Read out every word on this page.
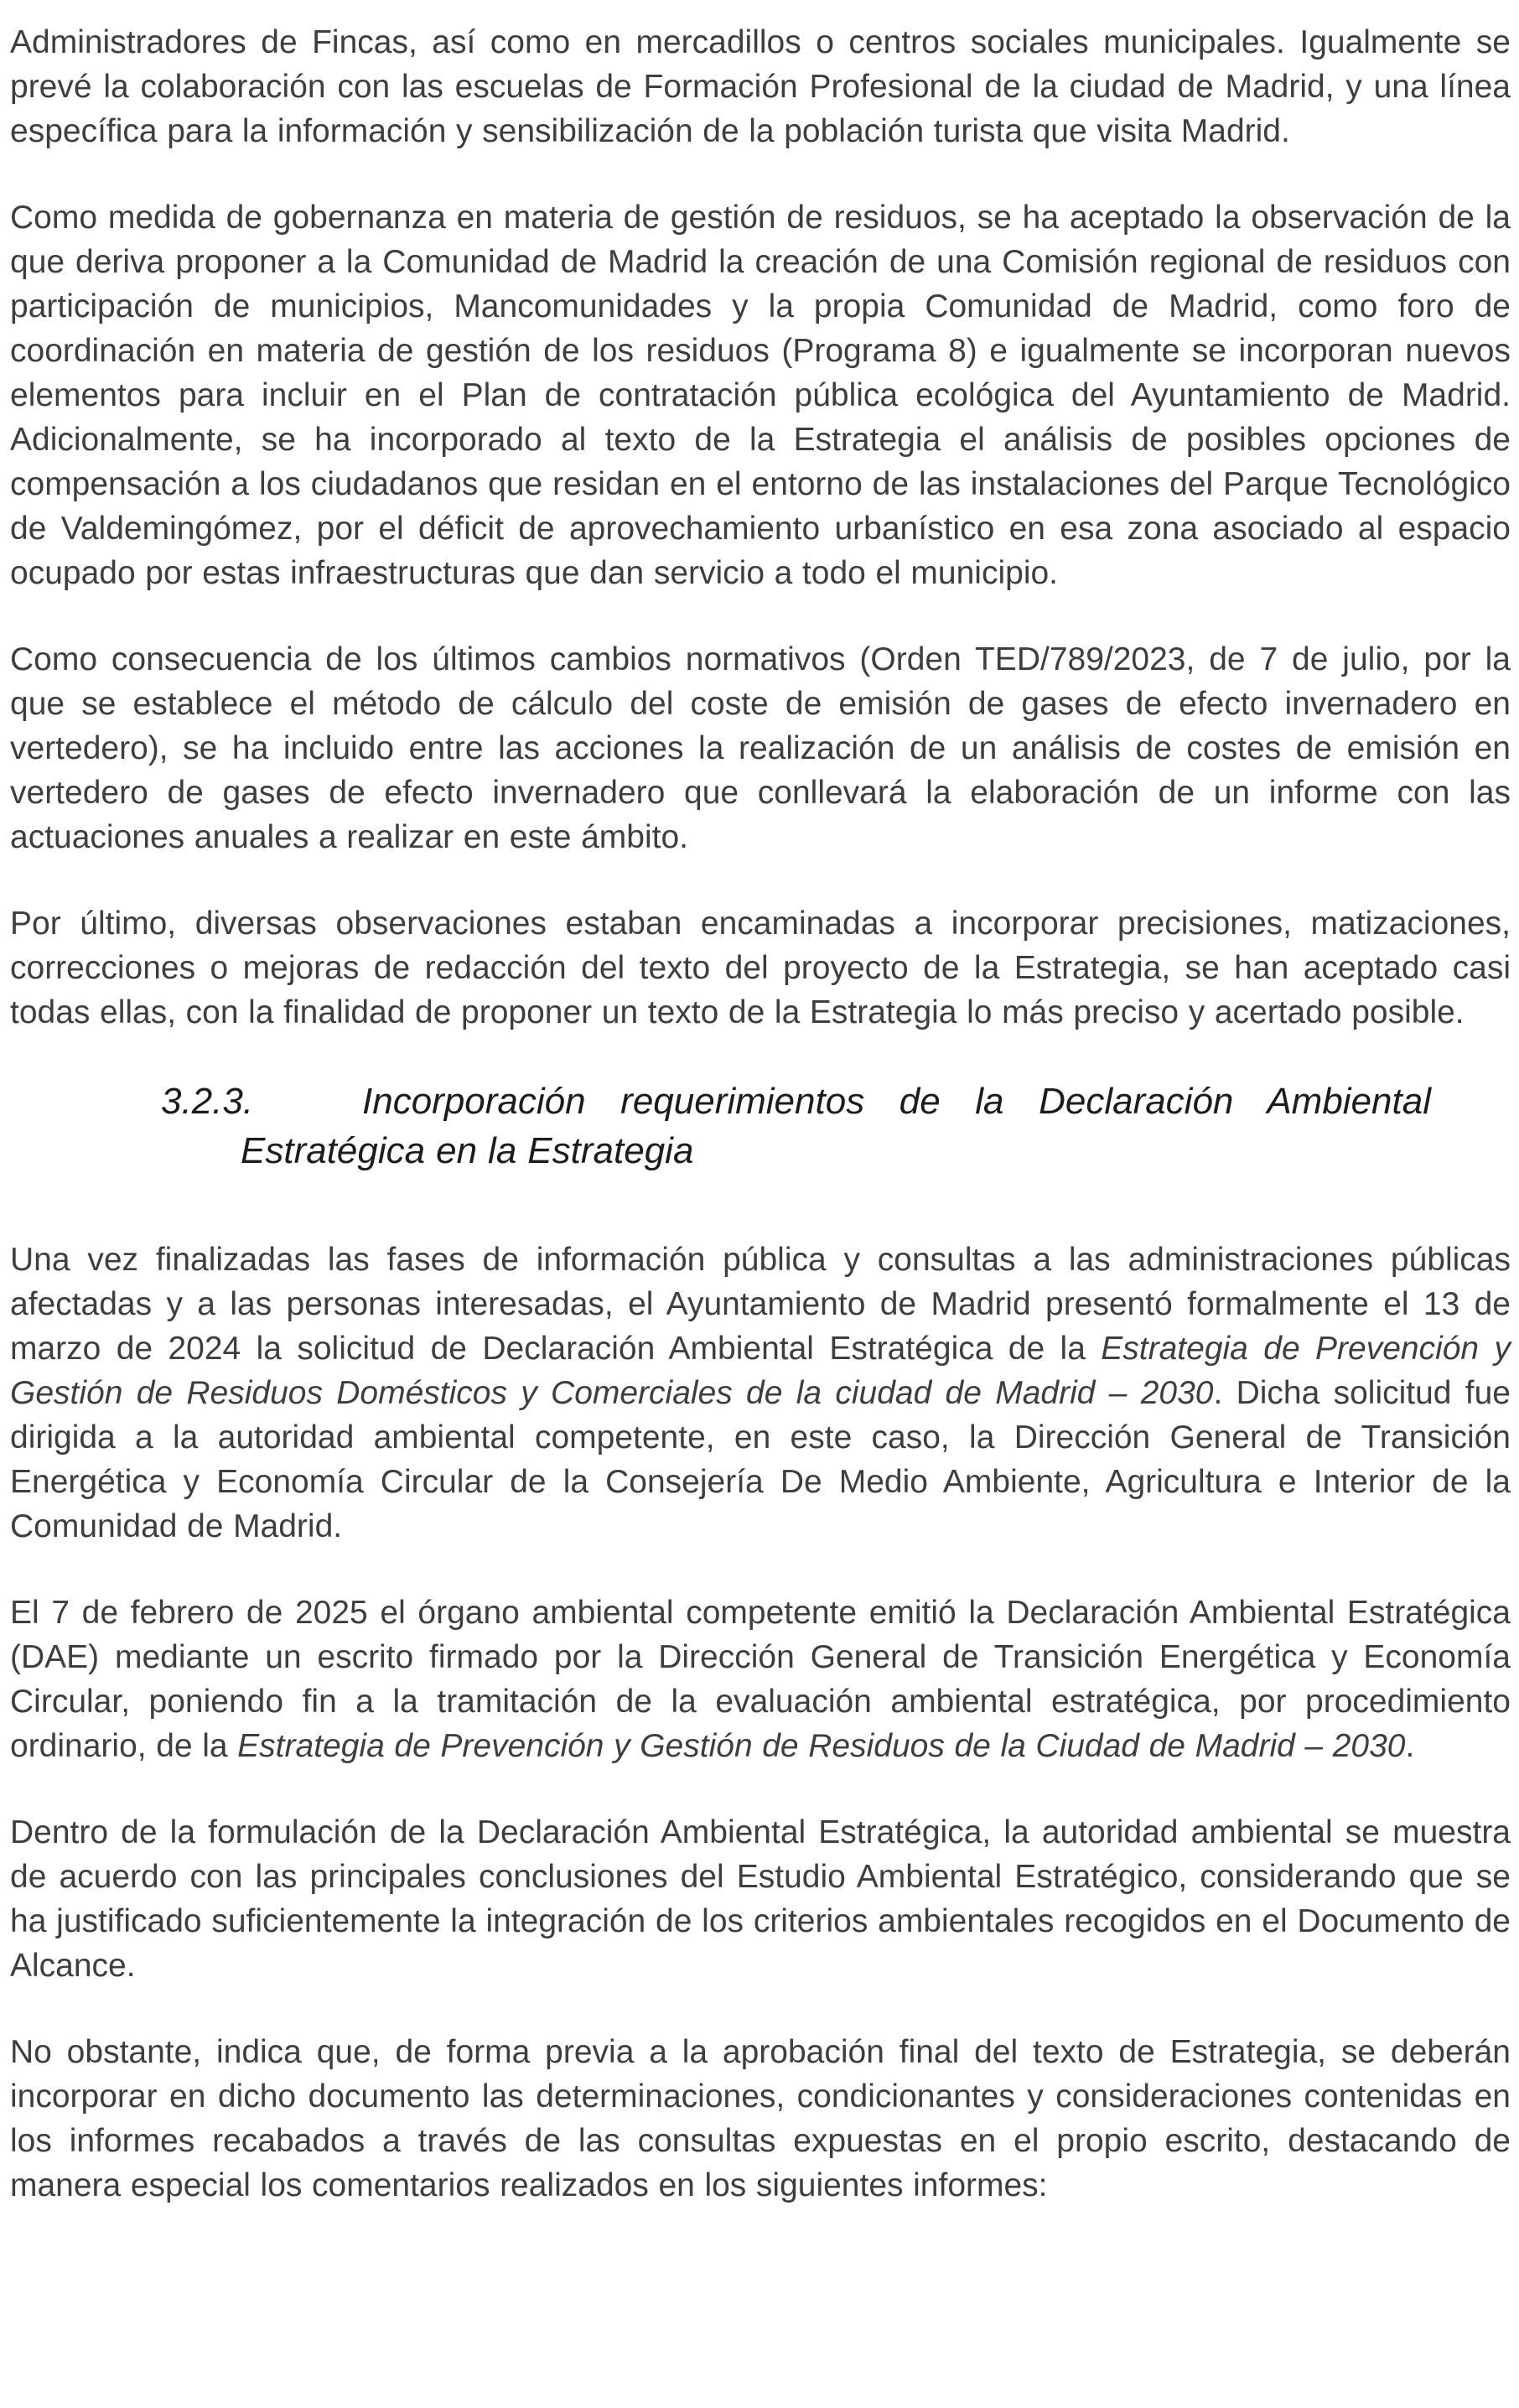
Administradores de Fincas, así como en mercadillos o centros sociales municipales. Igualmente se prevé la colaboración con las escuelas de Formación Profesional de la ciudad de Madrid, y una línea específica para la información y sensibilización de la población turista que visita Madrid.

Como medida de gobernanza en materia de gestión de residuos, se ha aceptado la observación de la que deriva proponer a la Comunidad de Madrid la creación de una Comisión regional de residuos con participación de municipios, Mancomunidades y la propia Comunidad de Madrid, como foro de coordinación en materia de gestión de los residuos (Programa 8) e igualmente se incorporan nuevos elementos para incluir en el Plan de contratación pública ecológica del Ayuntamiento de Madrid. Adicionalmente, se ha incorporado al texto de la Estrategia el análisis de posibles opciones de compensación a los ciudadanos que residan en el entorno de las instalaciones del Parque Tecnológico de Valdemingómez, por el déficit de aprovechamiento urbanístico en esa zona asociado al espacio ocupado por estas infraestructuras que dan servicio a todo el municipio.

Como consecuencia de los últimos cambios normativos (Orden TED/789/2023, de 7 de julio, por la que se establece el método de cálculo del coste de emisión de gases de efecto invernadero en vertedero), se ha incluido entre las acciones la realización de un análisis de costes de emisión en vertedero de gases de efecto invernadero que conllevará la elaboración de un informe con las actuaciones anuales a realizar en este ámbito.

Por último, diversas observaciones estaban encaminadas a incorporar precisiones, matizaciones, correcciones o mejoras de redacción del texto del proyecto de la Estrategia, se han aceptado casi todas ellas, con la finalidad de proponer un texto de la Estrategia lo más preciso y acertado posible.

3.2.3.	Incorporación requerimientos de la Declaración Ambiental Estratégica en la Estrategia

Una vez finalizadas las fases de información pública y consultas a las administraciones públicas afectadas y a las personas interesadas, el Ayuntamiento de Madrid presentó formalmente el 13 de marzo de 2024 la solicitud de Declaración Ambiental Estratégica de la Estrategia de Prevención y Gestión de Residuos Domésticos y Comerciales de la ciudad de Madrid – 2030. Dicha solicitud fue dirigida a la autoridad ambiental competente, en este caso, la Dirección General de Transición Energética y Economía Circular de la Consejería De Medio Ambiente, Agricultura e Interior de la Comunidad de Madrid.

El 7 de febrero de 2025 el órgano ambiental competente emitió la Declaración Ambiental Estratégica (DAE) mediante un escrito firmado por la Dirección General de Transición Energética y Economía Circular, poniendo fin a la tramitación de la evaluación ambiental estratégica, por procedimiento ordinario, de la Estrategia de Prevención y Gestión de Residuos de la Ciudad de Madrid – 2030.

Dentro de la formulación de la Declaración Ambiental Estratégica, la autoridad ambiental se muestra de acuerdo con las principales conclusiones del Estudio Ambiental Estratégico, considerando que se ha justificado suficientemente la integración de los criterios ambientales recogidos en el Documento de Alcance.

No obstante, indica que, de forma previa a la aprobación final del texto de Estrategia, se deberán incorporar en dicho documento las determinaciones, condicionantes y consideraciones contenidas en los informes recabados a través de las consultas expuestas en el propio escrito, destacando de manera especial los comentarios realizados en los siguientes informes:
